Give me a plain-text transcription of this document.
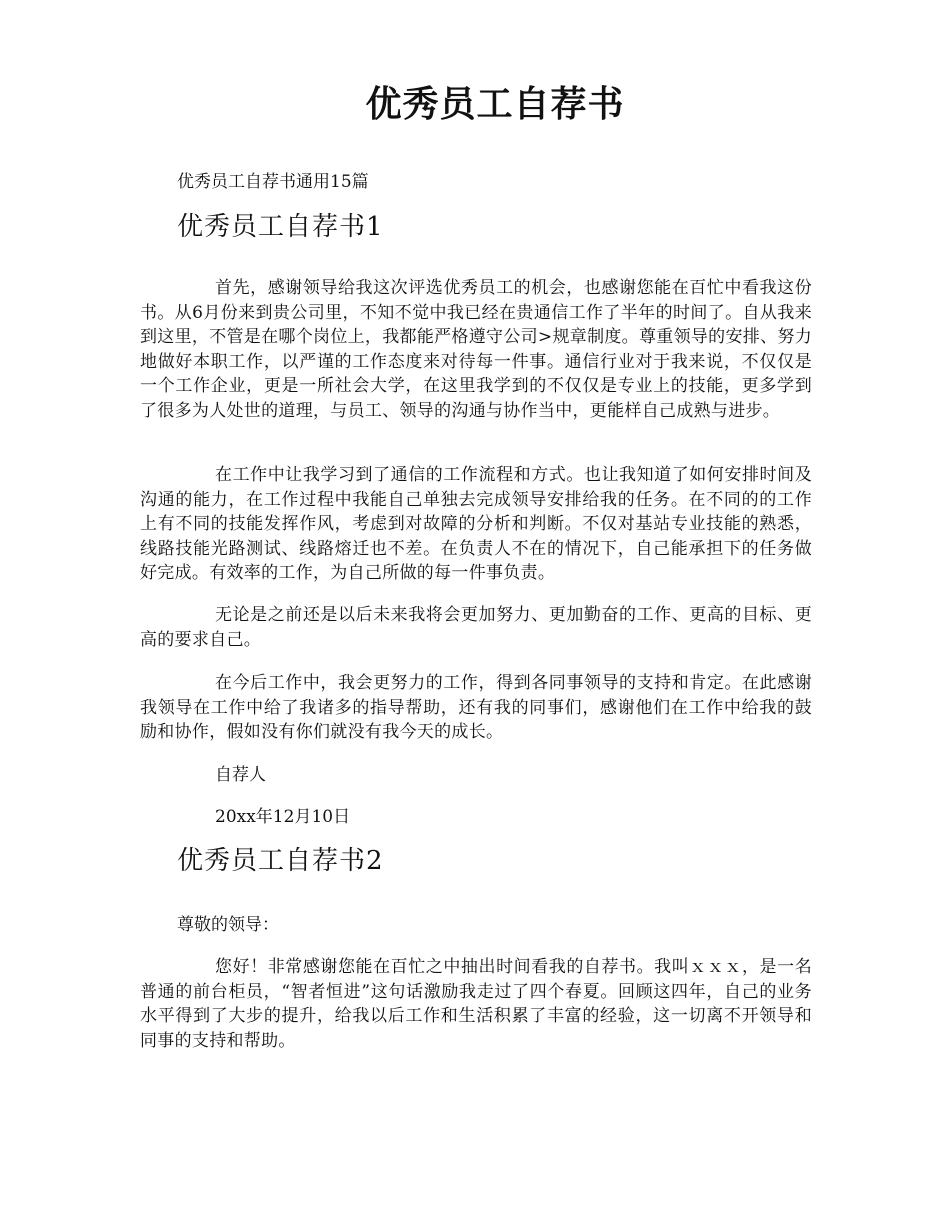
优秀员工自荐书

优秀员工自荐书通用15篇

优秀员工自荐书1

首先，感谢领导给我这次评选优秀员工的机会，也感谢您能在百忙中看我这份 书。从6月份来到贵公司里，不知不觉中我已经在贵通信工作了半年的时间了。自从我来到这里，不管是在哪个岗位上，我都能严格遵守公司>规章制度。尊重领导的安排、努力地做好本职工作，以严谨的工作态度来对待每一件事。通信行业对于我来说，不仅仅是一个工作企业，更是一所社会大学，在这里我学到的不仅仅是专业上的技能，更多学到了很多为人处世的道理，与员工、领导的沟通与协作当中，更能样自己成熟与进步。

在工作中让我学习到了通信的工作流程和方式。也让我知道了如何安排时间及沟通的能力，在工作过程中我能自己单独去完成领导安排给我的任务。在不同的的工作上有不同的技能发挥作风，考虑到对故障的分析和判断。不仅对基站专业技能的熟悉，线路技能光路测试、线路熔迁也不差。在负责人不在的情况下，自己能承担下的任务做好完成。有效率的工作，为自己所做的每一件事负责。

无论是之前还是以后未来我将会更加努力、更加勤奋的工作、更高的目标、更高的要求自己。

在今后工作中，我会更努力的工作，得到各同事领导的支持和肯定。在此感谢我领导在工作中给了我诸多的指导帮助，还有我的同事们，感谢他们在工作中给我的鼓励和协作，假如没有你们就没有我今天的成长。

自荐人

20xx年12月10日

优秀员工自荐书2

尊敬的领导：

您好！非常感谢您能在百忙之中抽出时间看我的自荐书。我叫ｘｘｘ，是一名普通的前台柜员，“智者恒进”这句话激励我走过了四个春夏。回顾这四年，自己的业务水平得到了大步的提升，给我以后工作和生活积累了丰富的经验，这一切离不开领导和同事的支持和帮助。
